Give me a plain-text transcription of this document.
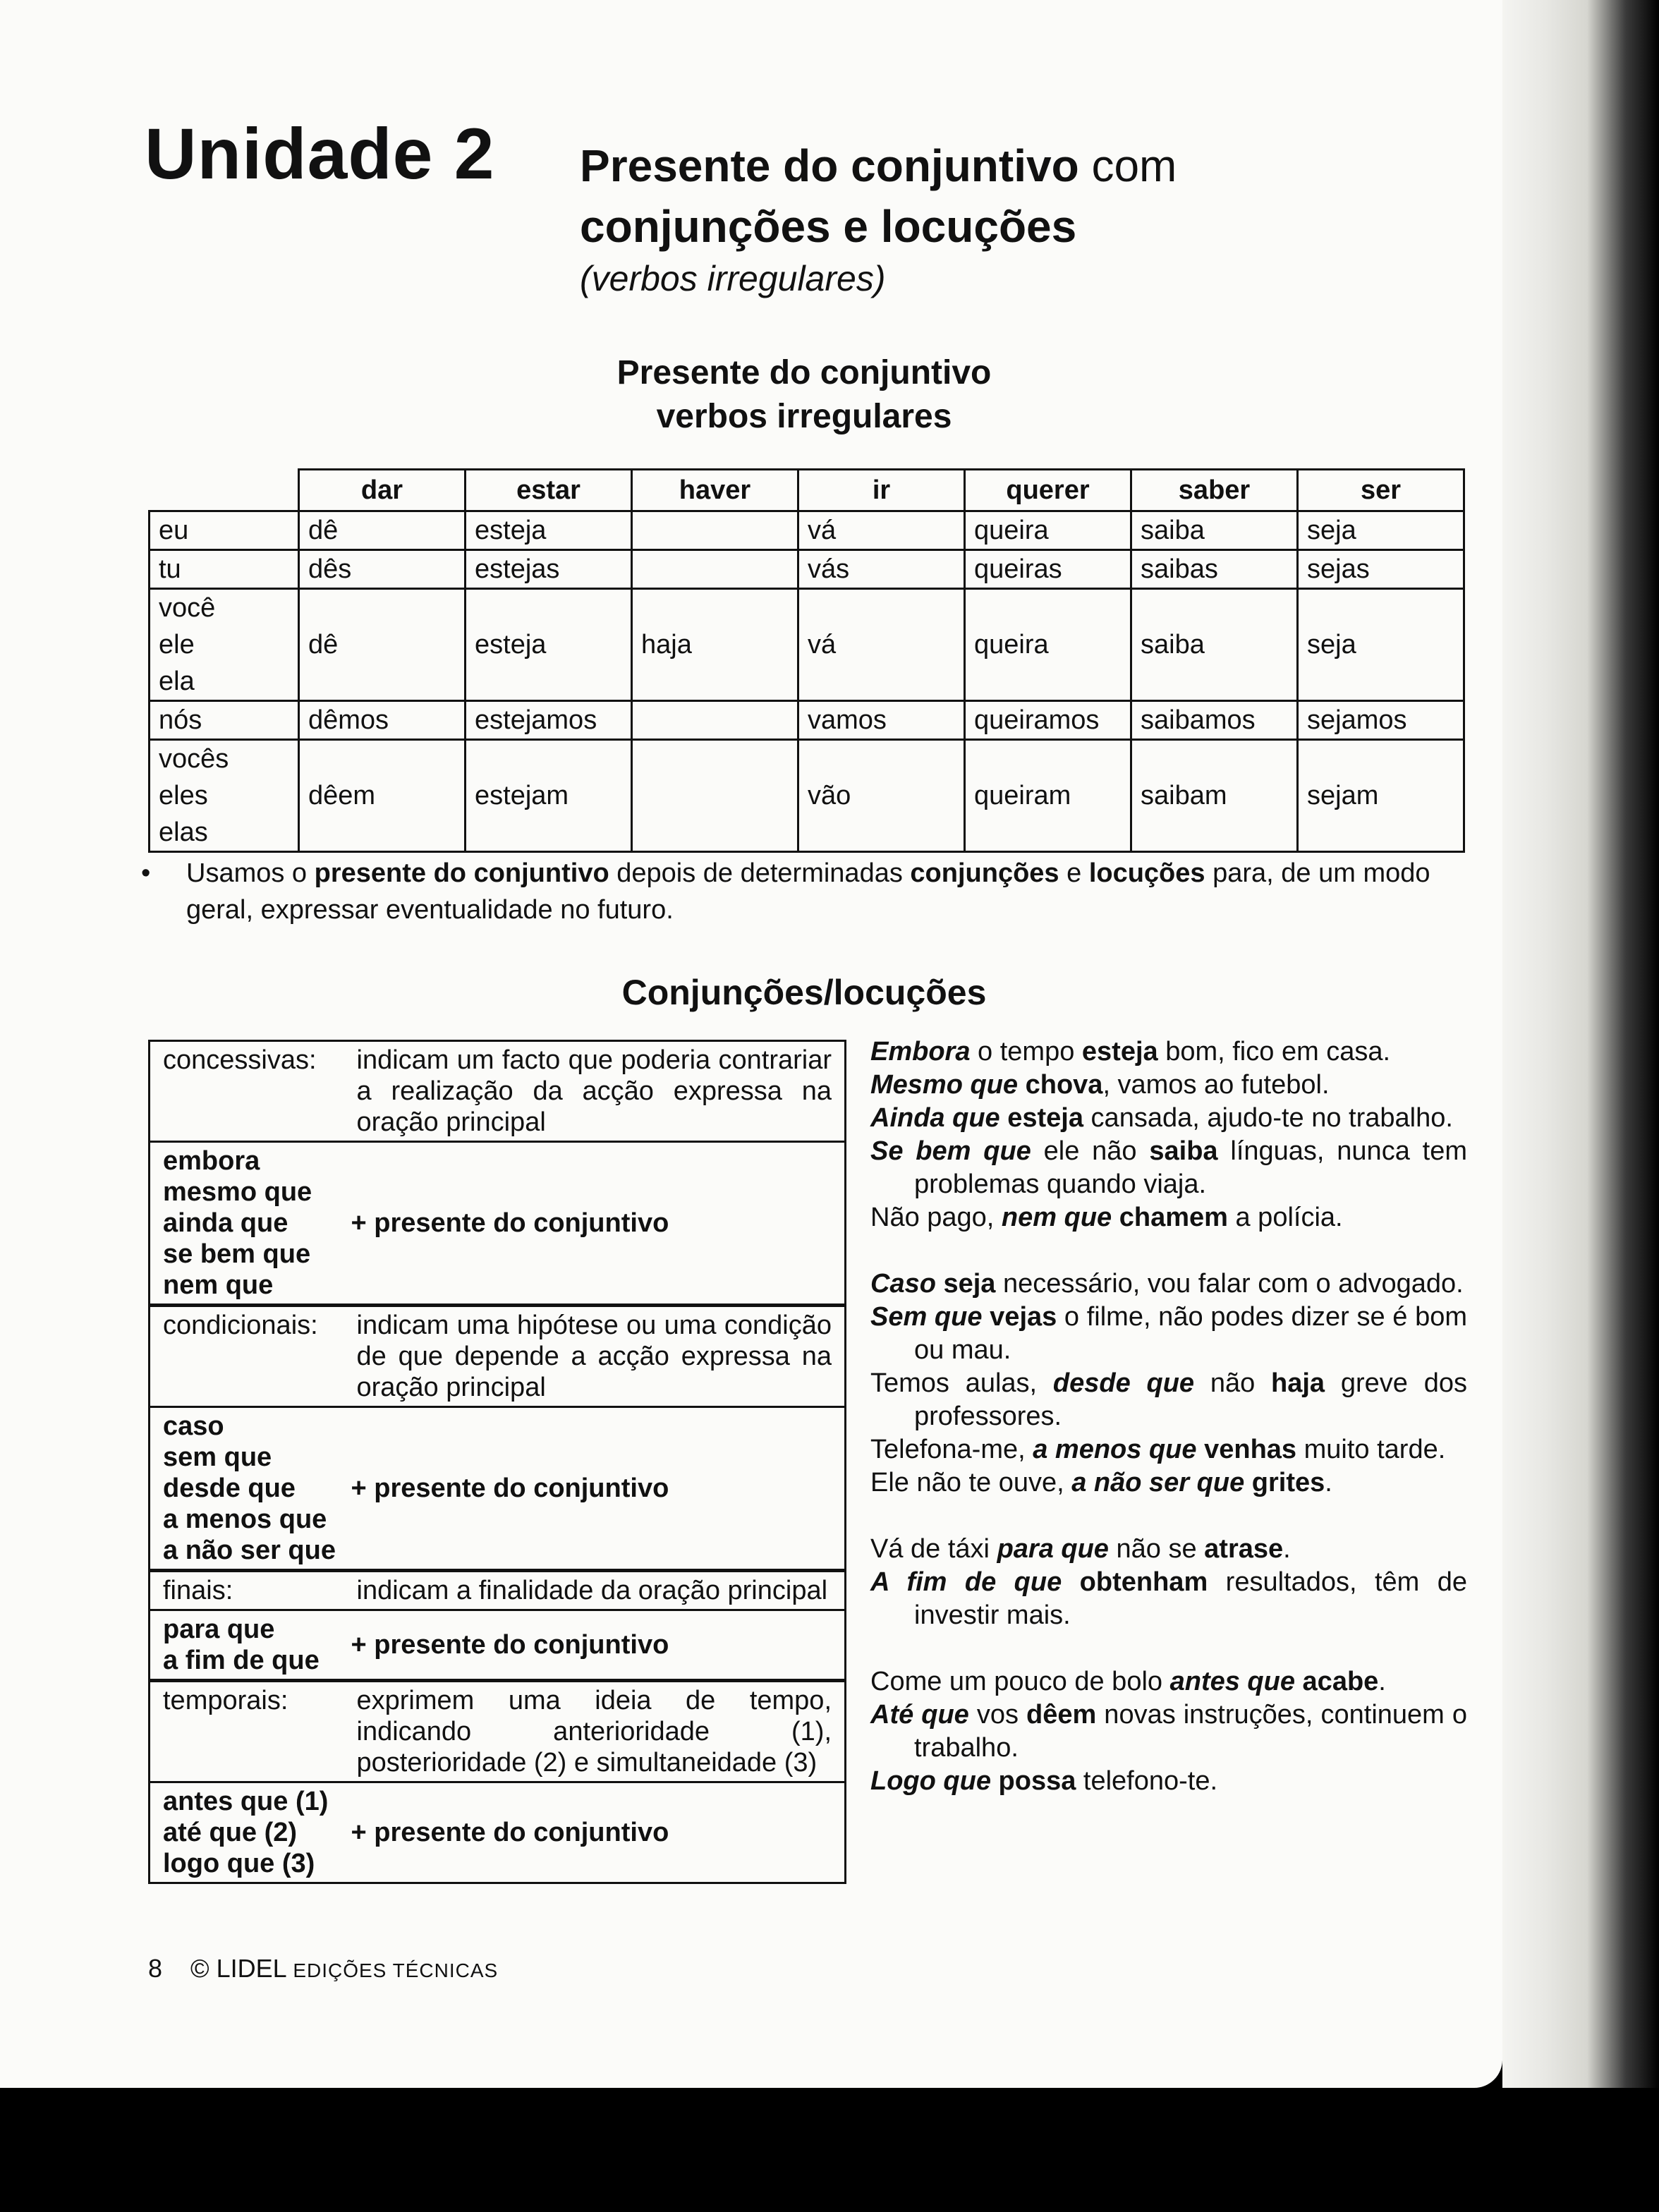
Unidade 2 Presente do conjuntivo com
conjunções e locuções
(verbos irregulares)
Presente do conjuntivo
verbos irregulares
	dar	estar	haver	ir	querer	saber	ser

eu	dê	esteja		vá	queira	saiba	seja

tu	dês	estejas		vás	queiras	saibas	sejas

você
ele
ela	dê	esteja	haja	vá	queira	saiba	seja

nós	dêmos	estejamos		vamos	queiramos	saibamos	sejamos

vocês
eles
elas	dêem	estejam		vão	queiram	saibam	sejam
• Usamos o presente do conjuntivo depois de determinadas conjunções e locuções para, de um modo geral, expressar eventualidade no futuro.
Conjunções/locuções
concessivas:	indicam um facto que poderia contrariar a realização da acção expressa na oração principal

embora
mesmo que
ainda que
se bem que
nem que	+ presente do conjuntivo
condicionais:	indicam uma hipótese ou uma condição de que depende a acção expressa na oração principal

caso
sem que
desde que
a menos que
a não ser que	+ presente do conjuntivo
finais:	indicam a finalidade da oração principal

para que
a fim de que	+ presente do conjuntivo
temporais:	exprimem uma ideia de tempo, indicando anterioridade (1), posterioridade (2) e simultaneidade (3)

antes que (1)
até que (2)
logo que (3)	+ presente do conjuntivo

Embora o tempo esteja bom, fico em casa.

Mesmo que chova, vamos ao futebol.

Ainda que esteja cansada, ajudo-te no trabalho.

Se bem que ele não saiba línguas, nunca tem problemas quando viaja.

Não pago, nem que chamem a polícia.

Caso seja necessário, vou falar com o advogado.

Sem que vejas o filme, não podes dizer se é bom ou mau.

Temos aulas, desde que não haja greve dos professores.

Telefona-me, a menos que venhas muito tarde.

Ele não te ouve, a não ser que grites.

Vá de táxi para que não se atrase.

A fim de que obtenham resultados, têm de investir mais.

Come um pouco de bolo antes que acabe.

Até que vos dêem novas instruções, continuem o trabalho.

Logo que possa telefono-te.

8 © LIDEL EDIÇÕES TÉCNICAS
